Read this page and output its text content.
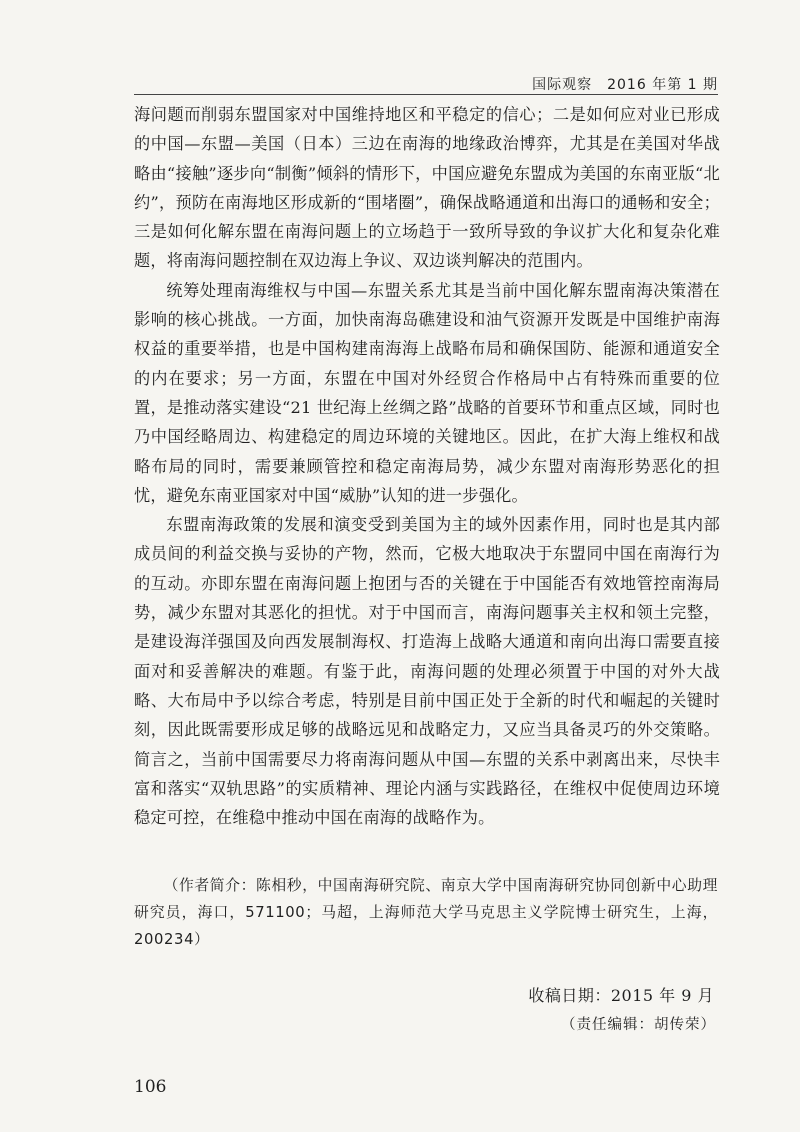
国际观察　2016 年第 1 期

海问题而削弱东盟国家对中国维持地区和平稳定的信心；二是如何应对业已形成的中国—东盟—美国（日本）三边在南海的地缘政治博弈，尤其是在美国对华战略由“接触”逐步向“制衡”倾斜的情形下，中国应避免东盟成为美国的东南亚版“北约”，预防在南海地区形成新的“围堵圈”，确保战略通道和出海口的通畅和安全；三是如何化解东盟在南海问题上的立场趋于一致所导致的争议扩大化和复杂化难题，将南海问题控制在双边海上争议、双边谈判解决的范围内。

统筹处理南海维权与中国—东盟关系尤其是当前中国化解东盟南海决策潜在影响的核心挑战。一方面，加快南海岛礁建设和油气资源开发既是中国维护南海权益的重要举措，也是中国构建南海海上战略布局和确保国防、能源和通道安全的内在要求；另一方面，东盟在中国对外经贸合作格局中占有特殊而重要的位置，是推动落实建设“21 世纪海上丝绸之路”战略的首要环节和重点区域，同时也乃中国经略周边、构建稳定的周边环境的关键地区。因此，在扩大海上维权和战略布局的同时，需要兼顾管控和稳定南海局势，减少东盟对南海形势恶化的担忧，避免东南亚国家对中国“威胁”认知的进一步强化。

东盟南海政策的发展和演变受到美国为主的域外因素作用，同时也是其内部成员间的利益交换与妥协的产物，然而，它极大地取决于东盟同中国在南海行为的互动。亦即东盟在南海问题上抱团与否的关键在于中国能否有效地管控南海局势，减少东盟对其恶化的担忧。对于中国而言，南海问题事关主权和领土完整，是建设海洋强国及向西发展制海权、打造海上战略大通道和南向出海口需要直接面对和妥善解决的难题。有鉴于此，南海问题的处理必须置于中国的对外大战略、大布局中予以综合考虑，特别是目前中国正处于全新的时代和崛起的关键时刻，因此既需要形成足够的战略远见和战略定力，又应当具备灵巧的外交策略。简言之，当前中国需要尽力将南海问题从中国—东盟的关系中剥离出来，尽快丰富和落实“双轨思路”的实质精神、理论内涵与实践路径，在维权中促使周边环境稳定可控，在维稳中推动中国在南海的战略作为。

（作者简介：陈相秒，中国南海研究院、南京大学中国南海研究协同创新中心助理研究员，海口，571100；马超，上海师范大学马克思主义学院博士研究生，上海，200234）
收稿日期：2015 年 9 月
（责任编辑：胡传荣）
106
